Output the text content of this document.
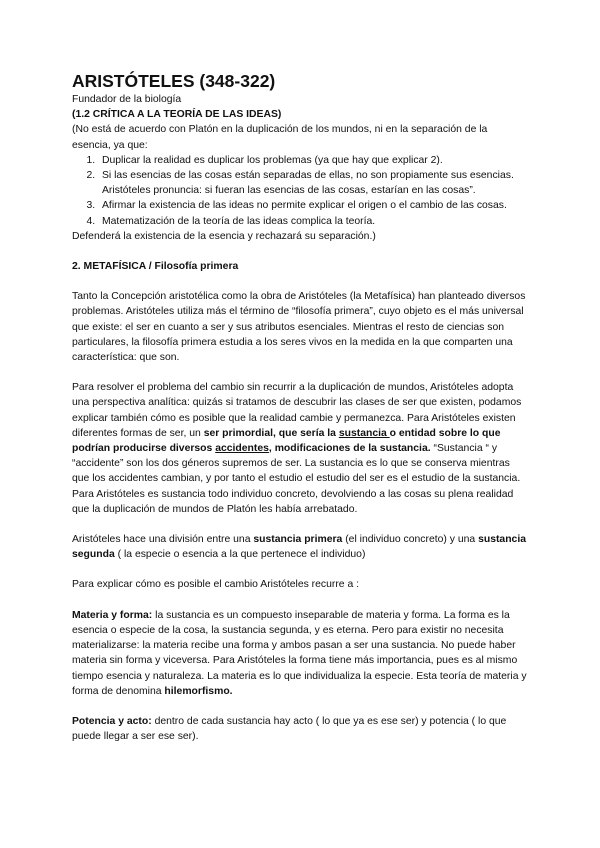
ARISTÓTELES (348-322)

Fundador de la biología

(1.2 CRÍTICA A LA TEORÍA DE LAS IDEAS)

(No está de acuerdo con Platón en la duplicación de los mundos, ni en la separación de la esencia, ya que:

1. Duplicar la realidad es duplicar los problemas (ya que hay que explicar 2).
2. Si las esencias de las cosas están separadas de ellas, no son propiamente sus esencias. Aristóteles pronuncia: si fueran las esencias de las cosas, estarían en las cosas”.
3. Afirmar la existencia de las ideas no permite explicar el origen o el cambio de las cosas.
4. Matematización de la teoría de las ideas complica la teoría.

Defenderá la existencia de la esencia y rechazará su separación.)

2. METAFÍSICA / Filosofía primera

Tanto la Concepción aristotélica como la obra de Aristóteles (la Metafísica) han planteado diversos problemas. Aristóteles utiliza más el término de “filosofía primera”, cuyo objeto es el más universal que existe: el ser en cuanto a ser y sus atributos esenciales. Mientras el resto de ciencias son particulares, la filosofía primera estudia a los seres vivos en la medida en la que comparten una característica: que son.

Para resolver el problema del cambio sin recurrir a la duplicación de mundos, Aristóteles adopta una perspectiva analítica: quizás si tratamos de descubrir las clases de ser que existen, podamos explicar también cómo es posible que la realidad cambie y permanezca. Para Aristóteles existen diferentes formas de ser, un ser primordial, que sería la sustancia o entidad sobre lo que podrían producirse diversos accidentes, modificaciones de la sustancia. “Sustancia “ y “accidente” son los dos géneros supremos de ser. La sustancia es lo que se conserva mientras que los accidentes cambian, y por tanto el estudio el estudio del ser es el estudio de la sustancia. Para Aristóteles es sustancia todo individuo concreto, devolviendo a las cosas su plena realidad que la duplicación de mundos de Platón les había arrebatado.

Aristóteles hace una división entre una sustancia primera (el individuo concreto) y una sustancia segunda ( la especie o esencia a la que pertenece el individuo)

Para explicar cómo es posible el cambio Aristóteles recurre a :

Materia y forma: la sustancia es un compuesto inseparable de materia y forma. La forma es la esencia o especie de la cosa, la sustancia segunda, y es eterna. Pero para existir no necesita materializarse: la materia recibe una forma y ambos pasan a ser una sustancia. No puede haber materia sin forma y viceversa. Para Aristóteles la forma tiene más importancia, pues es al mismo tiempo esencia y naturaleza. La materia es lo que individualiza la especie. Esta teoría de materia y forma de denomina hilemorfismo.

Potencia y acto: dentro de cada sustancia hay acto ( lo que ya es ese ser) y potencia ( lo que puede llegar a ser ese ser).
